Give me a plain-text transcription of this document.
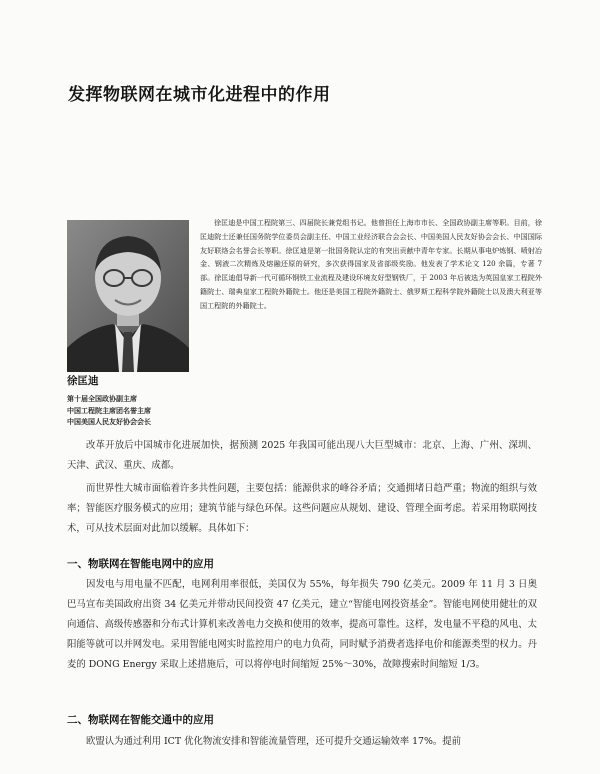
发挥物联网在城市化进程中的作用

徐匡迪是中国工程院第三、四届院长兼党组书记。他曾担任上海市市长、全国政协副主席等职。目前，徐匡迪院士还兼任国务院学位委员会副主任、中国工业经济联合会会长、中国美国人民友好协会会长、中国国际友好联络会名誉会长等职。徐匡迪是第一批国务院认定的有突出贡献中青年专家。长期从事电炉炼钢、喷射冶金、钢液二次精炼及熔融还原的研究，多次获得国家及省部级奖励。他发表了学术论文 120 余篇，专著 7 部。徐匡迪倡导新一代可循环钢铁工业流程及建设环境友好型钢铁厂，于 2003 年后被选为英国皇家工程院外籍院士、瑞典皇家工程院外籍院士。他还是美国工程院外籍院士、俄罗斯工程科学院外籍院士以及澳大利亚等国工程院的外籍院士。

徐匡迪
第十届全国政协副主席
中国工程院主席团名誉主席
中国美国人民友好协会会长

改革开放后中国城市化进展加快，据预测 2025 年我国可能出现八大巨型城市：北京、上海、广州、深圳、天津、武汉、重庆、成都。

而世界性大城市面临着许多共性问题，主要包括：能源供求的峰谷矛盾；交通拥堵日趋严重；物流的组织与效率；智能医疗服务模式的应用；建筑节能与绿色环保。这些问题应从规划、建设、管理全面考虑。若采用物联网技术，可从技术层面对此加以缓解。具体如下：

一、物联网在智能电网中的应用

因发电与用电量不匹配，电网利用率很低，美国仅为 55%，每年损失 790 亿美元。2009 年 11 月 3 日奥巴马宣布美国政府出资 34 亿美元并带动民间投资 47 亿美元，建立“智能电网投资基金”。智能电网使用健壮的双向通信、高级传感器和分布式计算机来改善电力交换和使用的效率，提高可靠性。这样，发电量不平稳的风电、太阳能等就可以并网发电。采用智能电网实时监控用户的电力负荷，同时赋予消费者选择电价和能源类型的权力。丹麦的 DONG Energy 采取上述措施后，可以将停电时间缩短 25%～30%，故障搜索时间缩短 1/3。

二、物联网在智能交通中的应用

欧盟认为通过利用 ICT 优化物流安排和智能流量管理，还可提升交通运输效率 17%。提前
